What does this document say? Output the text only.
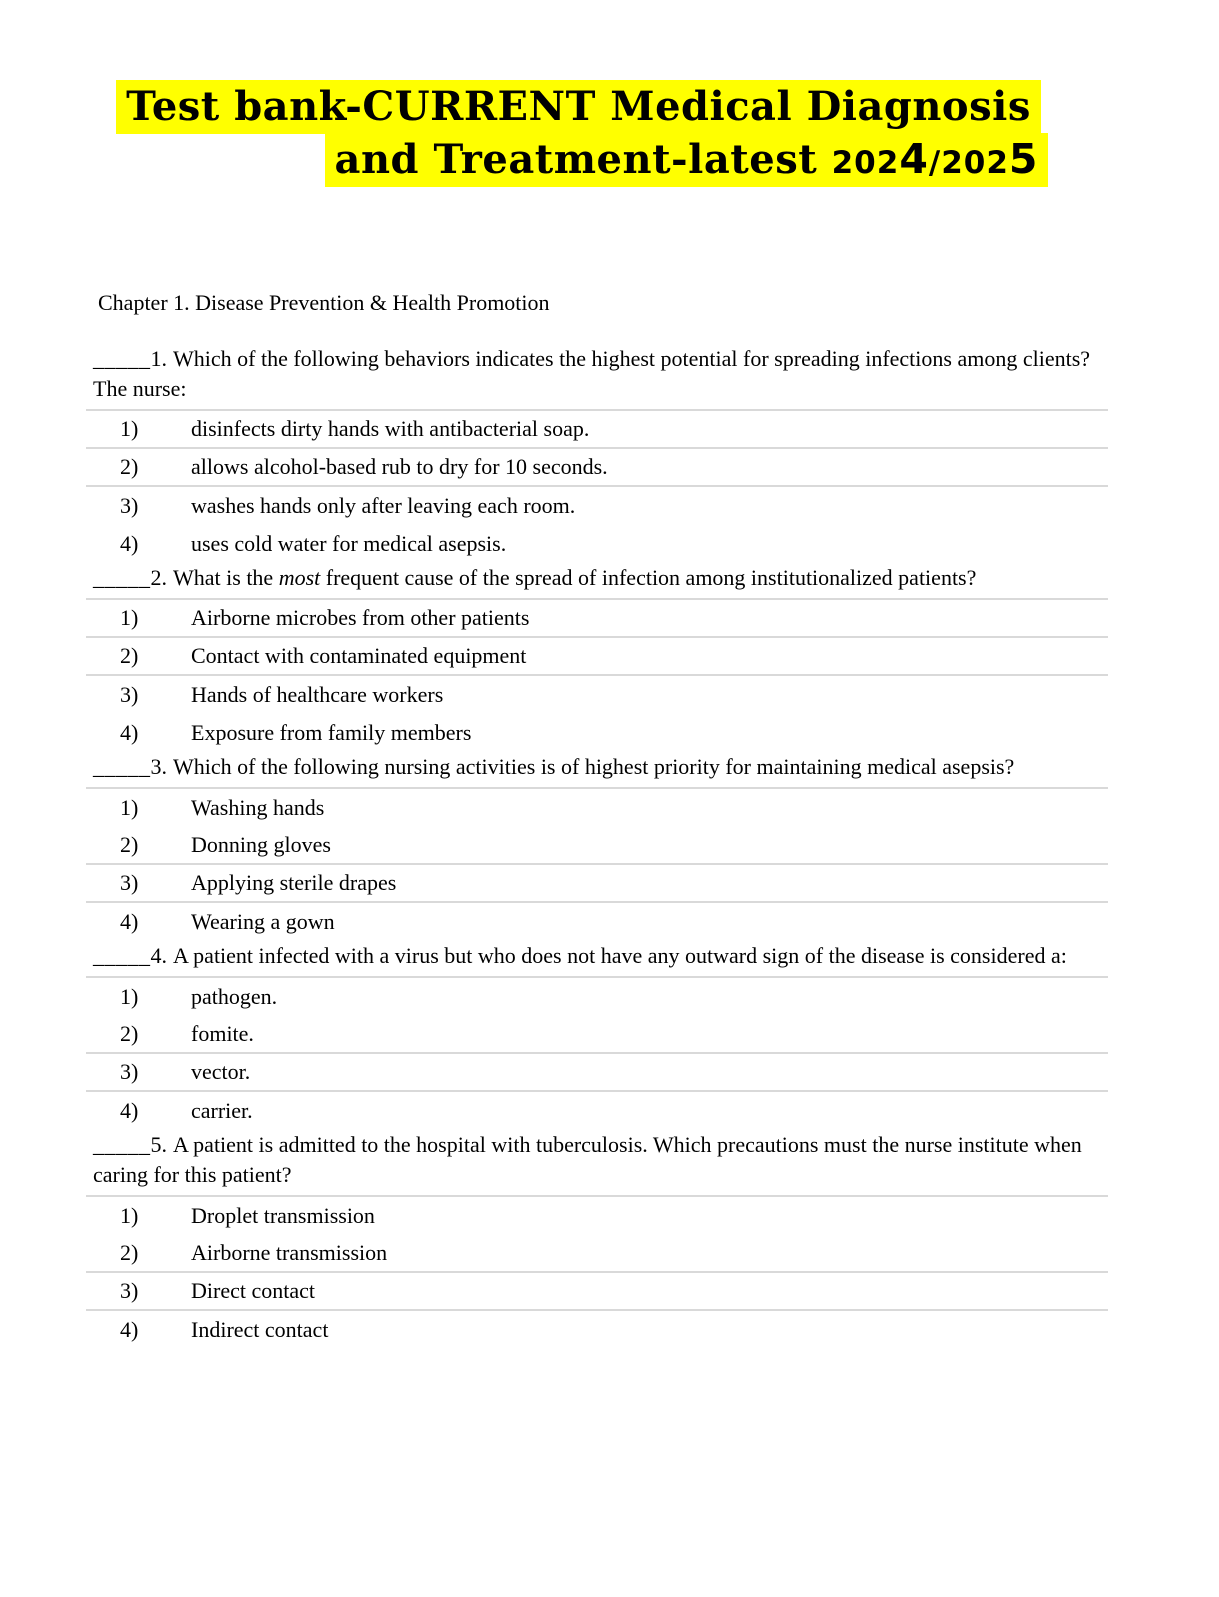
Test bank-CURRENT Medical Diagnosis
and Treatment-latest 2024/2025

Chapter 1. Disease Prevention & Health Promotion

_____1. Which of the following behaviors indicates the highest potential for spreading infections among clients? The nurse:

1)	disinfects dirty hands with antibacterial soap.
2)	allows alcohol-based rub to dry for 10 seconds.
3)	washes hands only after leaving each room.
4)	uses cold water for medical asepsis.

_____2. What is the most frequent cause of the spread of infection among institutionalized patients?

1)	Airborne microbes from other patients
2)	Contact with contaminated equipment
3)	Hands of healthcare workers
4)	Exposure from family members

_____3. Which of the following nursing activities is of highest priority for maintaining medical asepsis?

1)	Washing hands
2)	Donning gloves
3)	Applying sterile drapes
4)	Wearing a gown

_____4. A patient infected with a virus but who does not have any outward sign of the disease is considered a:

1)	pathogen.
2)	fomite.
3)	vector.
4)	carrier.

_____5. A patient is admitted to the hospital with tuberculosis. Which precautions must the nurse institute when caring for this patient?

1)	Droplet transmission
2)	Airborne transmission
3)	Direct contact
4)	Indirect contact
